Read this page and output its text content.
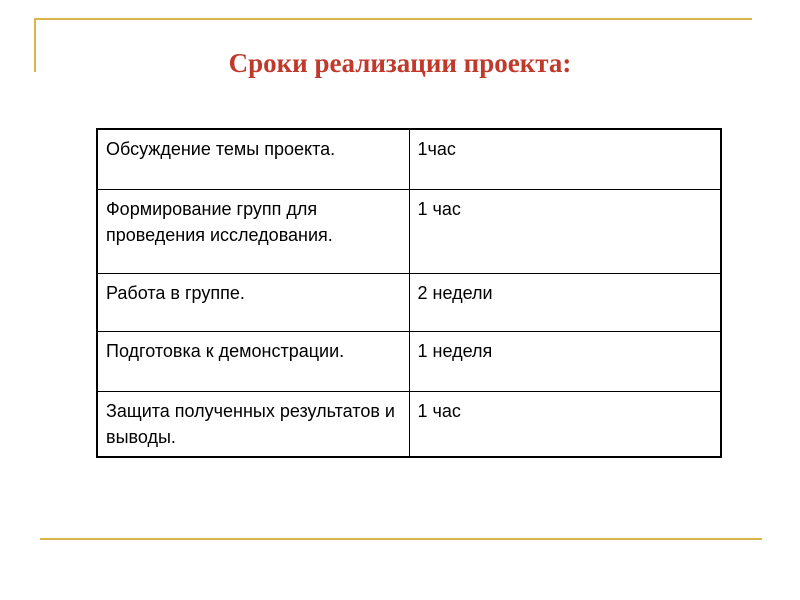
Сроки реализации проекта:
Обсуждение темы проекта.	1час
Формирование групп для проведения исследования.	1 час
Работа в группе.	2 недели
Подготовка к демонстрации.	1 неделя
Защита полученных результатов и выводы.	1 час
